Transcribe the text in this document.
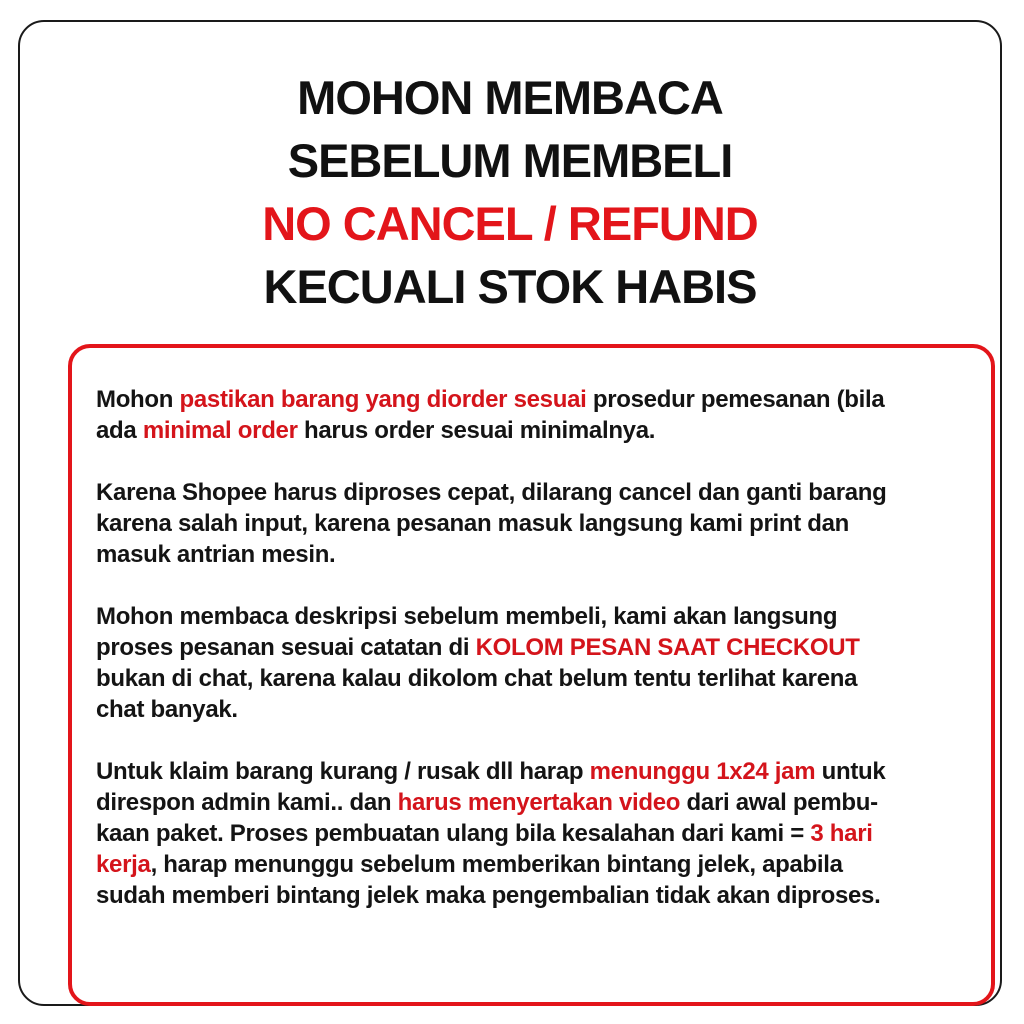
MOHON MEMBACA
SEBELUM MEMBELI
NO CANCEL / REFUND
KECUALI STOK HABIS

Mohon pastikan barang yang diorder sesuai prosedur pemesanan (bila
ada minimal order harus order sesuai minimalnya.

Karena Shopee harus diproses cepat, dilarang cancel dan ganti barang
karena salah input, karena pesanan masuk langsung kami print dan
masuk antrian mesin.

Mohon membaca deskripsi sebelum membeli, kami akan langsung
proses pesanan sesuai catatan di KOLOM PESAN SAAT CHECKOUT
bukan di chat, karena kalau dikolom chat belum tentu terlihat karena
chat banyak.

Untuk klaim barang kurang / rusak dll harap menunggu 1x24 jam untuk
direspon admin kami.. dan harus menyertakan video dari awal pembu-
kaan paket. Proses pembuatan ulang bila kesalahan dari kami = 3 hari
kerja, harap menunggu sebelum memberikan bintang jelek, apabila
sudah memberi bintang jelek maka pengembalian tidak akan diproses.
